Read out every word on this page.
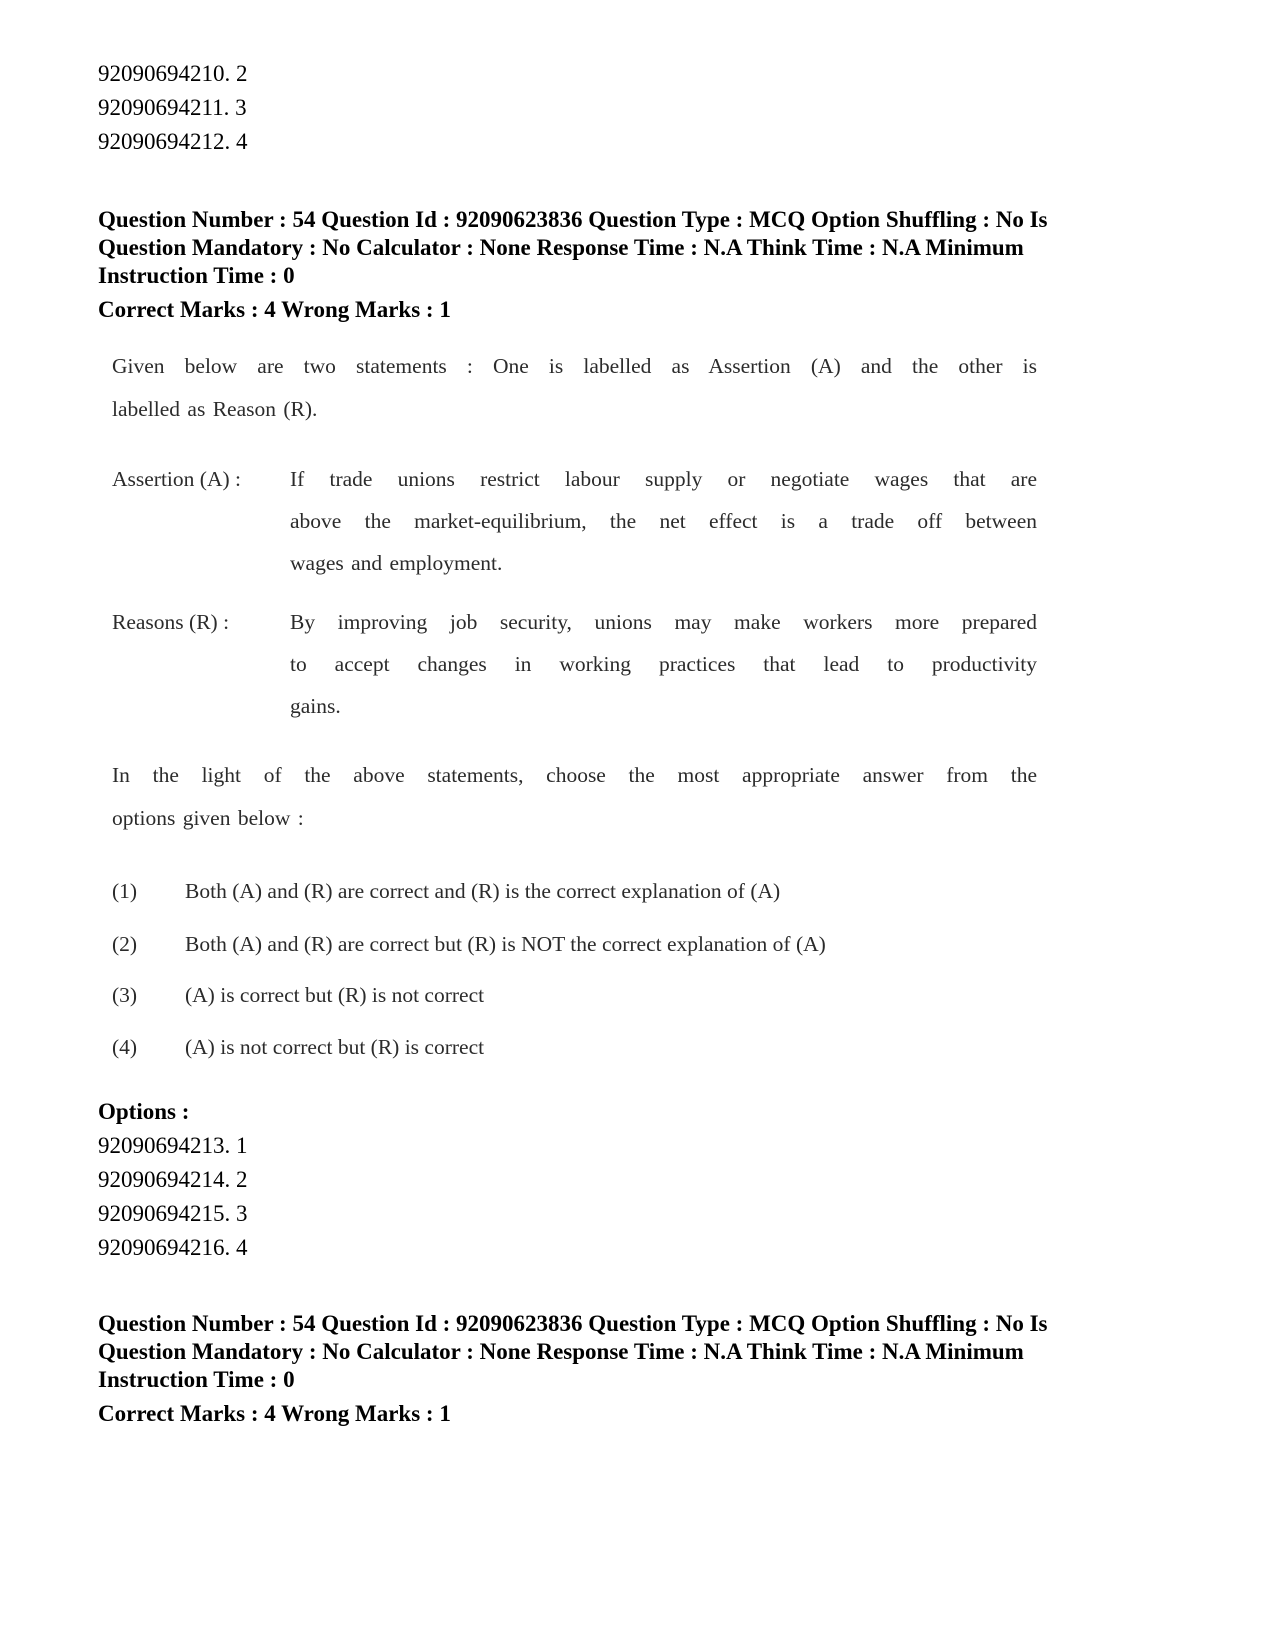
92090694210. 2
92090694211. 3
92090694212. 4
Question Number : 54 Question Id : 92090623836 Question Type : MCQ Option Shuffling : No Is
Question Mandatory : No Calculator : None Response Time : N.A Think Time : N.A Minimum
Instruction Time : 0
Correct Marks : 4 Wrong Marks : 1
Given below are two statements : One is labelled as Assertion (A) and the other is
labelled as Reason (R).
Assertion (A) : If trade unions restrict labour supply or negotiate wages that are
above the market-equilibrium, the net effect is a trade off between
wages and employment.
Reasons (R) :	By improving job security, unions may make workers more prepared
to accept changes in working practices that lead to productivity
gains.
In the light of the above statements, choose the most appropriate answer from the
options given below :
(1) Both (A) and (R) are correct and (R) is the correct explanation of (A)
(2) Both (A) and (R) are correct but (R) is NOT the correct explanation of (A)
(3) (A) is correct but (R) is not correct
(4) (A) is not correct but (R) is correct
Options :
92090694213. 1
92090694214. 2
92090694215. 3
92090694216. 4
Question Number : 54 Question Id : 92090623836 Question Type : MCQ Option Shuffling : No Is
Question Mandatory : No Calculator : None Response Time : N.A Think Time : N.A Minimum
Instruction Time : 0
Correct Marks : 4 Wrong Marks : 1
